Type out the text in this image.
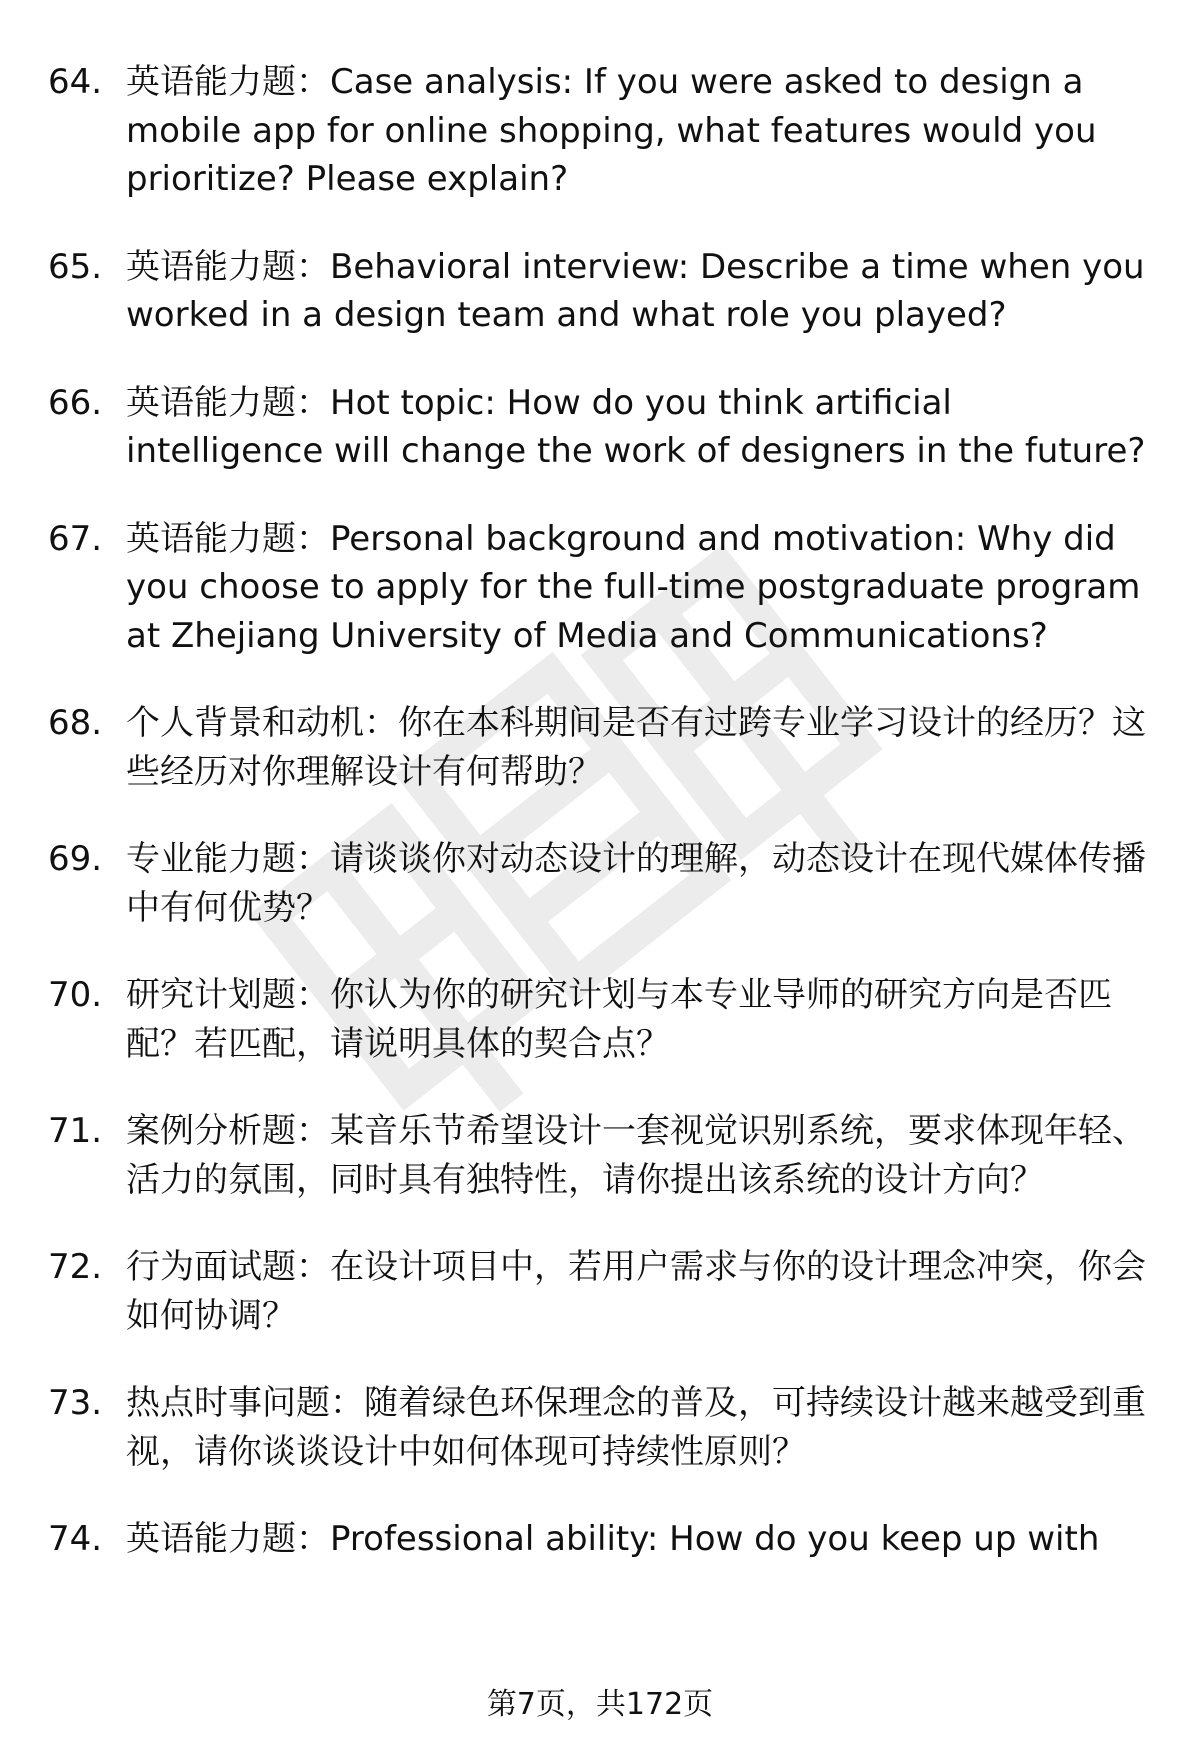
64. 英语能力题：Case analysis: If you were asked to design a mobile app for online shopping, what features would you prioritize? Please explain?
65. 英语能力题：Behavioral interview: Describe a time when you worked in a design team and what role you played?
66. 英语能力题：Hot topic: How do you think artificial intelligence will change the work of designers in the future?
67. 英语能力题：Personal background and motivation: Why did you choose to apply for the full-time postgraduate program at Zhejiang University of Media and Communications?
68. 个人背景和动机：你在本科期间是否有过跨专业学习设计的经历？这些经历对你理解设计有何帮助？
69. 专业能力题：请谈谈你对动态设计的理解，动态设计在现代媒体传播中有何优势？
70. 研究计划题：你认为你的研究计划与本专业导师的研究方向是否匹配？若匹配，请说明具体的契合点？
71. 案例分析题：某音乐节希望设计一套视觉识别系统，要求体现年轻、活力的氛围，同时具有独特性，请你提出该系统的设计方向？
72. 行为面试题：在设计项目中，若用户需求与你的设计理念冲突，你会如何协调？
73. 热点时事问题：随着绿色环保理念的普及，可持续设计越来越受到重视，请你谈谈设计中如何体现可持续性原则？
74. 英语能力题：Professional ability: How do you keep up with
第7页，共172页
